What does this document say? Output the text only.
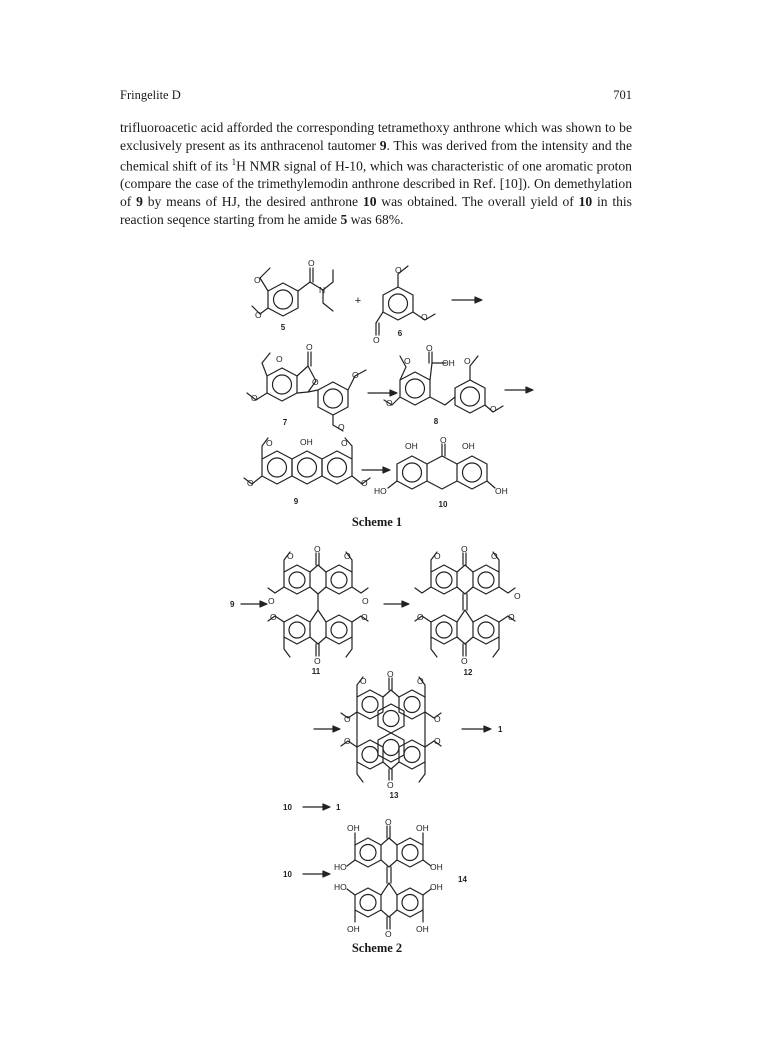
Fringelite D	701

trifluoroacetic acid afforded the corresponding tetramethoxy anthrone which was shown to be exclusively present as its anthracenol tautomer 9. This was derived from the intensity and the chemical shift of its $^1$H NMR signal of H-10, which was characteristic of one aromatic proton (compare the case of the trimethylemodin anthrone described in Ref. [10]). On demethylation of 9 by means of HJ, the desired anthrone 10 was obtained. The overall yield of 10 in this reaction seqence starting from he amide 5 was 68%.

O
O
N
O
5
+
O
O
O
6
O
O
O
O
O
O
7
O
O
OH O
O
O
8
O	OH	O
O	O
9
OH
O
OH
HO	OH
10
Scheme 1
9
O
O
O
O	O
O	O
O
11
O
O
O
O
O	O
O
12
O
O
O
O	O
O	O
O
13
1
10	1
10
OH
O
OH
HO	OH
HO	OH
OH	O	OH
14
Scheme 2
